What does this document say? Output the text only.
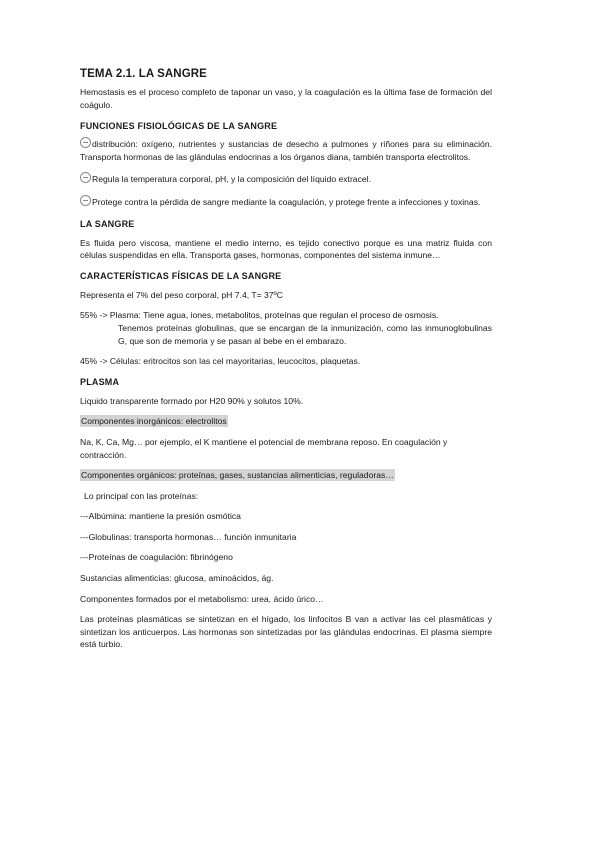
TEMA 2.1. LA SANGRE

Hemostasis es el proceso completo de taponar un vaso, y la coagulación es la última fase de formación del coágulo.

FUNCIONES FISIOLÓGICAS DE LA SANGRE

distribución: oxígeno, nutrientes y sustancias de desecho a pulmones y riñones para su eliminación. Transporta hormonas de las glándulas endocrinas a los órganos diana, también transporta electrolitos.

Regula la temperatura corporal, pH, y la composición del líquido extracel.

Protege contra la pérdida de sangre mediante la coagulación, y protege frente a infecciones y toxinas.

LA SANGRE

Es fluida pero viscosa, mantiene el medio interno, es tejido conectivo porque es una matriz fluida con células suspendidas en ella. Transporta gases, hormonas, componentes del sistema inmune…

CARACTERÍSTICAS FÍSICAS DE LA SANGRE

Representa el 7% del peso corporal, pH 7.4, T= 37ºC

55% -> Plasma: Tiene agua, iones, metabolitos, proteínas que regulan el proceso de osmosis.

Tenemos proteínas globulinas, que se encargan de la inmunización, como las inmunoglobulinas G, que son de memoria y se pasan al bebe en el embarazo.

45% -> Células: eritrocitos son las cel mayoritarias, leucocitos, plaquetas.

PLASMA

Liquido transparente formado por H20 90% y solutos 10%.

Componentes inorgánicos: electrolitos

Na, K, Ca, Mg… por ejemplo, el K mantiene el potencial de membrana reposo. En coagulación y contracción.

Componentes orgánicos: proteínas, gases, sustancias alimenticias, reguladoras…

Lo principal con las proteínas:

---Albúmina: mantiene la presión osmótica

---Globulinas: transporta hormonas… función inmunitaria

---Proteínas de coagulación: fibrinógeno

Sustancias alimenticias: glucosa, aminoácidos, ág.

Componentes formados por el metabolismo: urea, ácido úrico…

Las proteínas plasmáticas se sintetizan en el hígado, los linfocitos B van a activar las cel plasmáticas y sintetizan los anticuerpos. Las hormonas son sintetizadas por las glándulas endocrinas. El plasma siempre está turbio.
